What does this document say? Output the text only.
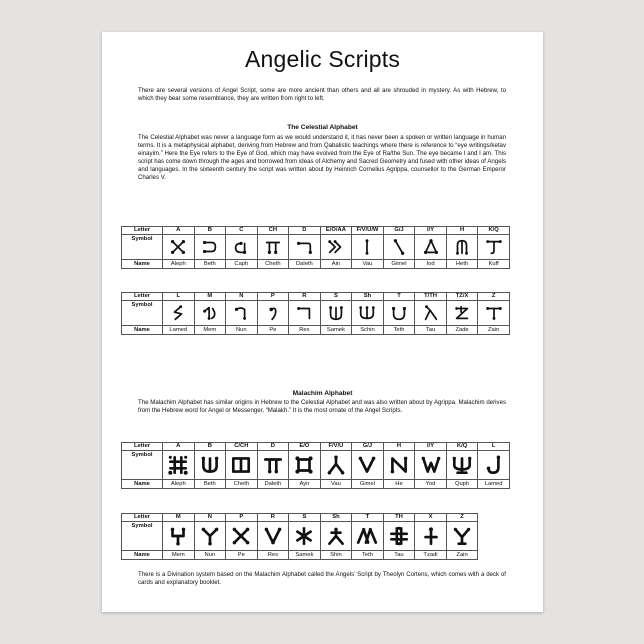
Angelic Scripts
There are several versions of Angel Script, some are more ancient than others and all are shrouded in mystery. As with Hebrew, to which they bear some resemblance, they are written from right to left.
The Celestial Alphabet
The Celestial Alphabet was never a language form as we would understand it, it has never been a spoken or written language in human terms. It is a metaphysical alphabet, deriving from Hebrew and from Qabalistic teachings where there is reference to “eye writings/ketav einayim.” Here the Eye refers to the Eye of God, which may have evolved from the Eye of Ra/the Sun. The eye became I and I am. This script has come down through the ages and borrowed from ideas of Alchemy and Sacred Geometry and fused with other ideas of Angels and languages. In the sixteenth century the script was written about by Heinrich Cornelius Agrippa, counsellor to the German Emperor Charles V.
Letter	A	B	C	CH	D	E/O/AA	F/V/U/W	G/J	I/Y	H	K/Q
Symbol	

Name	Aleph	Beth	Caph	Cheth	Daleth	Ain	Vau	Gimel	Iod	Heth	Kuff
Letter	L	M	N	P	R	S	Sh	T	T/TH	TZ/X	Z
Symbol	

Name	Lamed	Mem	Nun	Pe	Res	Samek	Schin	Teth	Tau	Zade	Zain
Malachim Alphabet
The Malachim Alphabet has similar origins in Hebrew to the Celestial Alphabet and was also written about by Agrippa. Malachim derives from the Hebrew word for Angel or Messenger, “Malakh.” It is the most ornate of the Angel Scripts.
Letter	A	B	C/CH	D	E/O	F/V/U	G/J	H	I/Y	K/Q	L
Symbol	

Name	Aleph	Beth	Cheth	Daleth	Ayn	Vau	Gimel	He	Yod	Quph	Lamed
Letter	M	N	P	R	S	Sh	T	TH	X	Z	
Symbol	

Name	Mem	Nun	Pe	Res	Samek	Shin	Teth	Tau	Tzadi	Zain	
There is a Divination system based on the Malachim Alphabet called the Angels’ Script by Theolyn Cortens, which comes with a deck of cards and explanatory booklet.
